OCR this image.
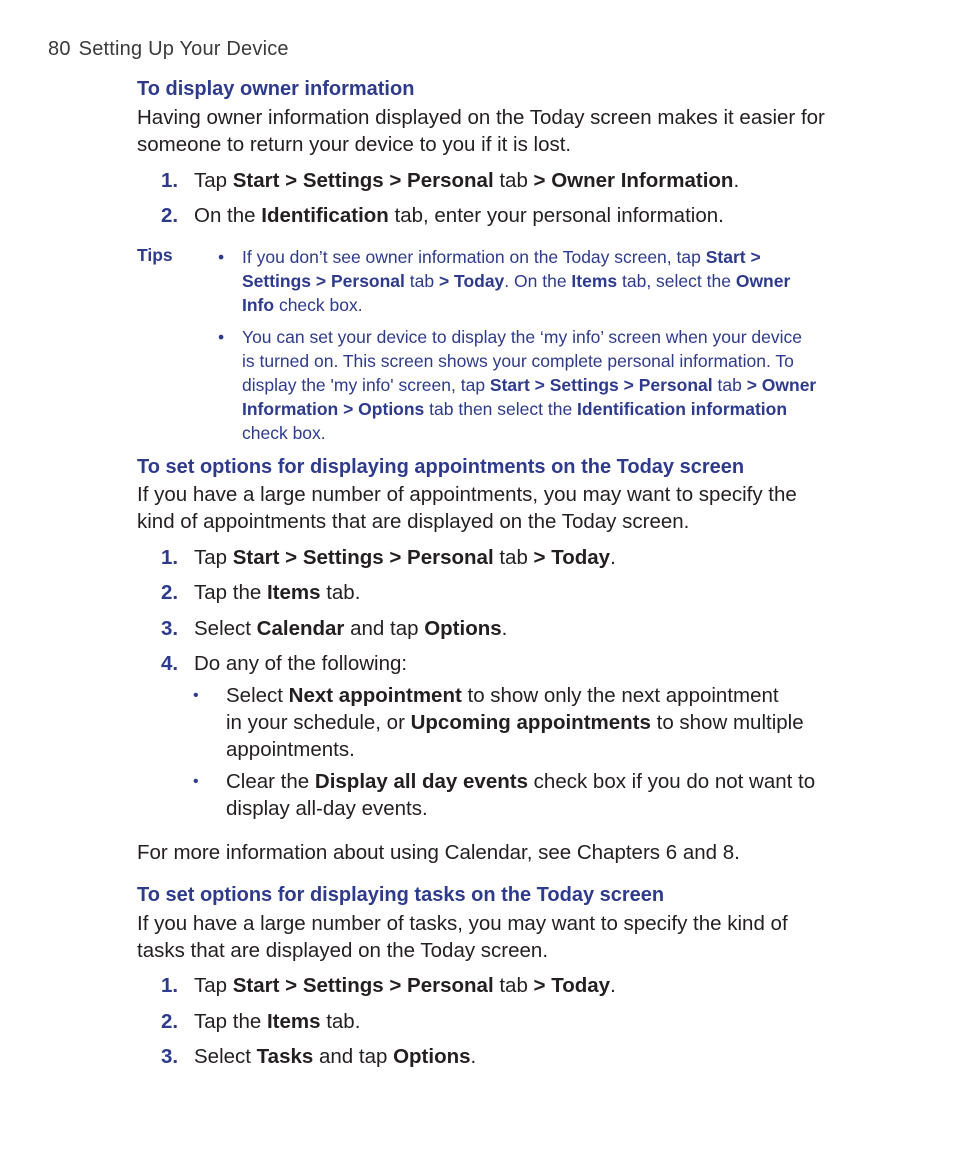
80 Setting Up Your Device
To display owner information
Having owner information displayed on the Today screen makes it easier for
someone to return your device to you if it is lost.
1. Tap Start > Settings > Personal tab > Owner Information.
2. On the Identification tab, enter your personal information.
Tips	• If you don’t see owner information on the Today screen, tap Start >
Settings > Personal tab > Today. On the Items tab, select the Owner
Info check box.
• You can set your device to display the ‘my info’ screen when your device
is turned on. This screen shows your complete personal information. To
display the 'my info' screen, tap Start > Settings > Personal tab > Owner
Information > Options tab then select the Identification information
check box.
To set options for displaying appointments on the Today screen
If you have a large number of appointments, you may want to specify the
kind of appointments that are displayed on the Today screen.
1. Tap Start > Settings > Personal tab > Today.
2. Tap the Items tab.
3. Select Calendar and tap Options.
4. Do any of the following:
• Select Next appointment to show only the next appointment
in your schedule, or Upcoming appointments to show multiple
appointments.
• Clear the Display all day events check box if you do not want to
display all-day events.
For more information about using Calendar, see Chapters 6 and 8.
To set options for displaying tasks on the Today screen
If you have a large number of tasks, you may want to specify the kind of
tasks that are displayed on the Today screen.
1. Tap Start > Settings > Personal tab > Today.
2. Tap the Items tab.
3. Select Tasks and tap Options.
